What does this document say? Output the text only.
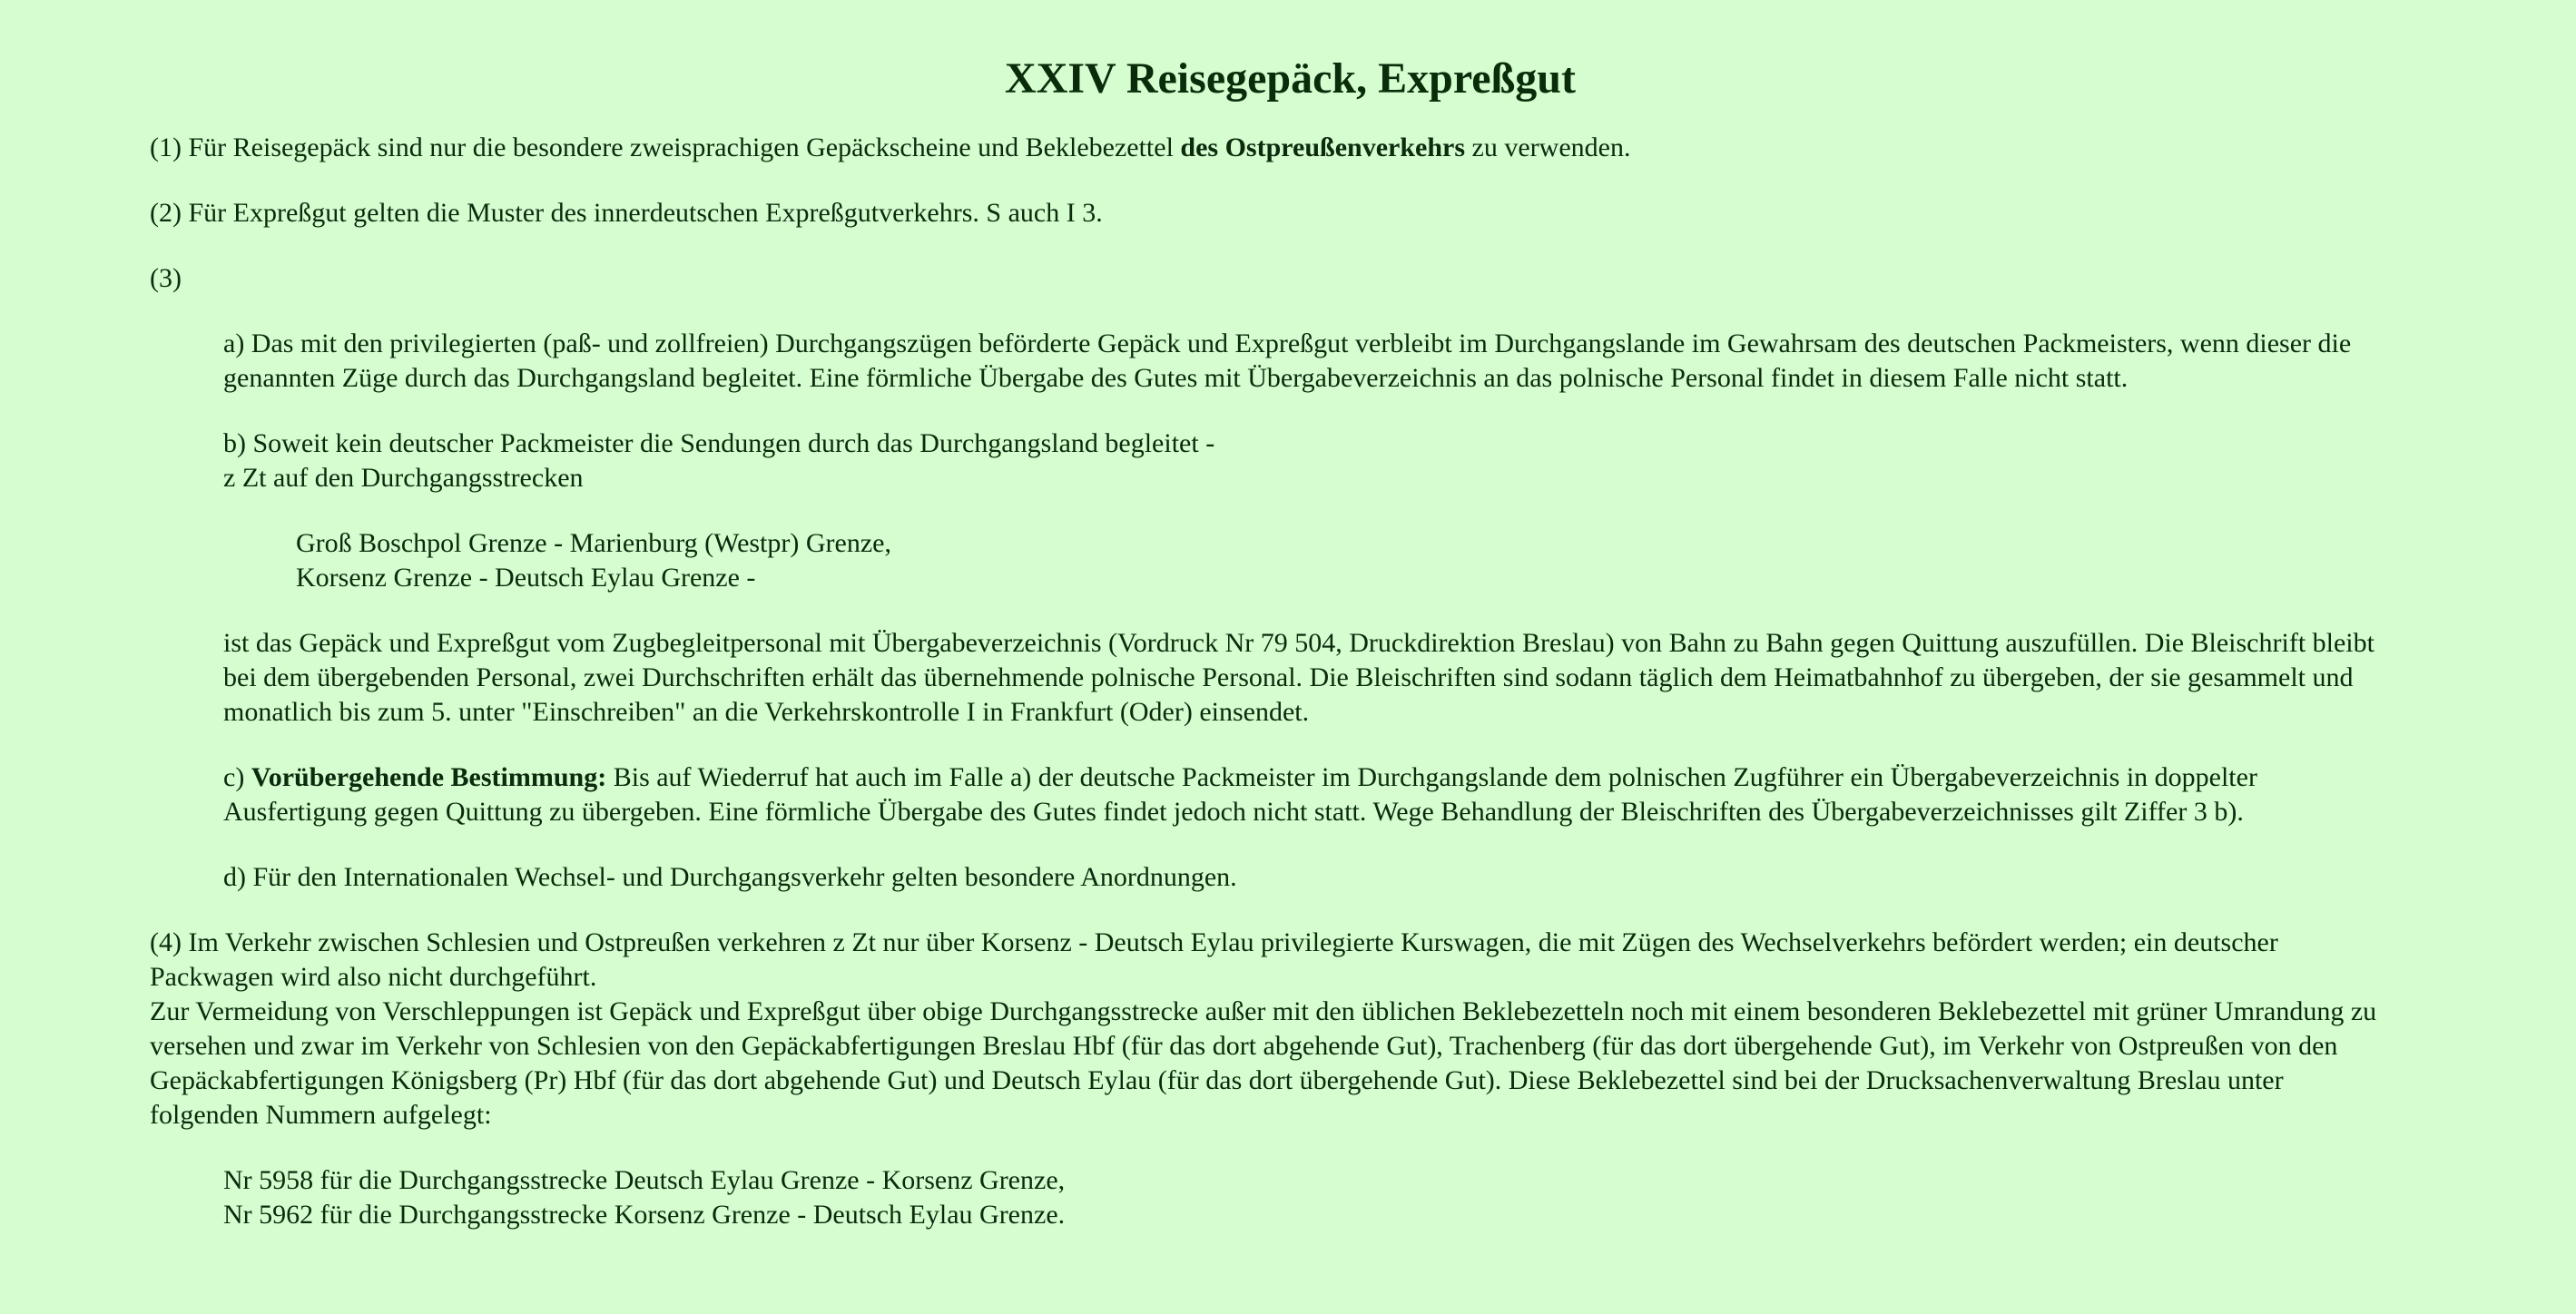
XXIV Reisegepäck, Expreßgut

(1) Für Reisegepäck sind nur die besondere zweisprachigen Gepäckscheine und Beklebezettel des Ostpreußenverkehrs zu verwenden.

(2) Für Expreßgut gelten die Muster des innerdeutschen Expreßgutverkehrs. S auch I 3.

(3)

a) Das mit den privilegierten (paß- und zollfreien) Durchgangszügen beförderte Gepäck und Expreßgut verbleibt im Durchgangslande im Gewahrsam des deutschen Packmeisters, wenn dieser die genannten Züge durch das Durchgangsland begleitet. Eine förmliche Übergabe des Gutes mit Übergabeverzeichnis an das polnische Personal findet in diesem Falle nicht statt.

b) Soweit kein deutscher Packmeister die Sendungen durch das Durchgangsland begleitet -
z Zt auf den Durchgangsstrecken

Groß Boschpol Grenze - Marienburg (Westpr) Grenze,
Korsenz Grenze - Deutsch Eylau Grenze -

ist das Gepäck und Expreßgut vom Zugbegleitpersonal mit Übergabeverzeichnis (Vordruck Nr 79 504, Druckdirektion Breslau) von Bahn zu Bahn gegen Quittung auszufüllen. Die Bleischrift bleibt bei dem übergebenden Personal, zwei Durchschriften erhält das übernehmende polnische Personal. Die Bleischriften sind sodann täglich dem Heimatbahnhof zu übergeben, der sie gesammelt und monatlich bis zum 5. unter "Einschreiben" an die Verkehrskontrolle I in Frankfurt (Oder) einsendet.

c) Vorübergehende Bestimmung: Bis auf Wiederruf hat auch im Falle a) der deutsche Packmeister im Durchgangslande dem polnischen Zugführer ein Übergabeverzeichnis in doppelter Ausfertigung gegen Quittung zu übergeben. Eine förmliche Übergabe des Gutes findet jedoch nicht statt. Wege Behandlung der Bleischriften des Übergabeverzeichnisses gilt Ziffer 3 b).

d) Für den Internationalen Wechsel- und Durchgangsverkehr gelten besondere Anordnungen.

(4) Im Verkehr zwischen Schlesien und Ostpreußen verkehren z Zt nur über Korsenz - Deutsch Eylau privilegierte Kurswagen, die mit Zügen des Wechselverkehrs befördert werden; ein deutscher Packwagen wird also nicht durchgeführt.
Zur Vermeidung von Verschleppungen ist Gepäck und Expreßgut über obige Durchgangsstrecke außer mit den üblichen Beklebezetteln noch mit einem besonderen Beklebezettel mit grüner Umrandung zu versehen und zwar im Verkehr von Schlesien von den Gepäckabfertigungen Breslau Hbf (für das dort abgehende Gut), Trachenberg (für das dort übergehende Gut), im Verkehr von Ostpreußen von den Gepäckabfertigungen Königsberg (Pr) Hbf (für das dort abgehende Gut) und Deutsch Eylau (für das dort übergehende Gut). Diese Beklebezettel sind bei der Drucksachenverwaltung Breslau unter folgenden Nummern aufgelegt:

Nr 5958 für die Durchgangsstrecke Deutsch Eylau Grenze - Korsenz Grenze,
Nr 5962 für die Durchgangsstrecke Korsenz Grenze - Deutsch Eylau Grenze.
